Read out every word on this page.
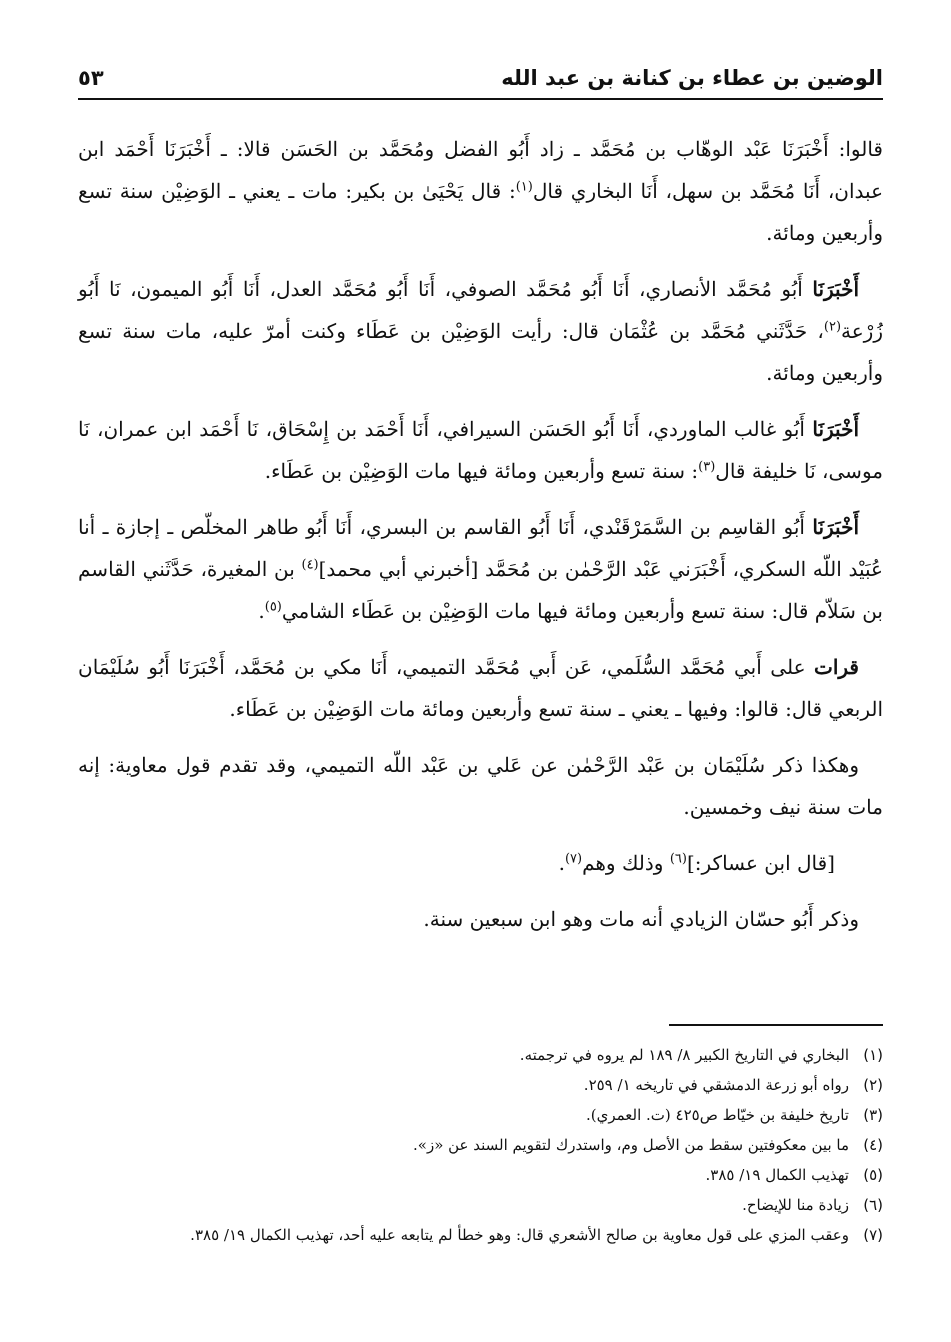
الوضين بن عطاء بن كنانة بن عبد الله
٥٣

قالوا: أَخْبَرَنَا عَبْد الوهّاب بن مُحَمَّد ـ زاد أَبُو الفضل ومُحَمَّد بن الحَسَن قالا: ـ أَخْبَرَنَا أَحْمَد ابن عبدان، أَنَا مُحَمَّد بن سهل، أَنَا البخاري قال$^{(١)}$: قال يَحْيَىٰ بن بكير: مات ـ يعني ـ الوَضِيْن سنة تسع وأربعين ومائة.

أَخْبَرَنَا أَبُو مُحَمَّد الأنصاري، أَنَا أَبُو مُحَمَّد الصوفي، أَنَا أَبُو مُحَمَّد العدل، أَنَا أَبُو الميمون، نَا أَبُو زُرْعة$^{(٢)}$، حَدَّثَني مُحَمَّد بن عُثْمَان قال: رأيت الوَضِيْن بن عَطَاء وكنت أمرّ عليه، مات سنة تسع وأربعين ومائة.

أَخْبَرَنَا أَبُو غالب الماوردي، أَنَا أَبُو الحَسَن السيرافي، أَنَا أَحْمَد بن إِسْحَاق، نَا أَحْمَد ابن عمران، نَا موسى، نَا خليفة قال$^{(٣)}$: سنة تسع وأربعين ومائة فيها مات الوَضِيْن بن عَطَاء.

أَخْبَرَنَا أَبُو القاسِم بن السَّمَرْقَنْدي، أَنَا أَبُو القاسم بن البسري، أَنَا أَبُو طاهر المخلّص ـ إجازة ـ أنا عُبَيْد اللّه السكري، أَخْبَرَني عَبْد الرَّحْمٰن بن مُحَمَّد [أخبرني أبي محمد]$^{(٤)}$ بن المغيرة، حَدَّثَني القاسم بن سَلاّم قال: سنة تسع وأربعين ومائة فيها مات الوَضِيْن بن عَطَاء الشامي$^{(٥)}$.

قرات على أَبي مُحَمَّد السُّلَمي، عَن أَبي مُحَمَّد التميمي، أَنَا مكي بن مُحَمَّد، أَخْبَرَنَا أَبُو سُلَيْمَان الربعي قال: قالوا: وفيها ـ يعني ـ سنة تسع وأربعين ومائة مات الوَضِيْن بن عَطَاء.

وهكذا ذكر سُلَيْمَان بن عَبْد الرَّحْمٰن عن عَلي بن عَبْد اللّه التميمي، وقد تقدم قول معاوية: إنه مات سنة نيف وخمسين.

[قال ابن عساكر:]$^{(٦)}$ وذلك وهم$^{(٧)}$.

وذكر أَبُو حسّان الزيادي أنه مات وهو ابن سبعين سنة.

(١)
البخاري في التاريخ الكبير ٨/ ١٨٩ لم يروه في ترجمته.
(٢)
رواه أبو زرعة الدمشقي في تاريخه ١/ ٢٥٩.
(٣)
تاريخ خليفة بن خيّاط ص٤٢٥ (ت. العمري).
(٤)
ما بين معكوفتين سقط من الأصل وم، واستدرك لتقويم السند عن «ز».
(٥)
تهذيب الكمال ١٩/ ٣٨٥.
(٦)
زيادة منا للإيضاح.
(٧)
وعقب المزي على قول معاوية بن صالح الأشعري قال: وهو خطأ لم يتابعه عليه أحد، تهذيب الكمال ١٩/ ٣٨٥.
